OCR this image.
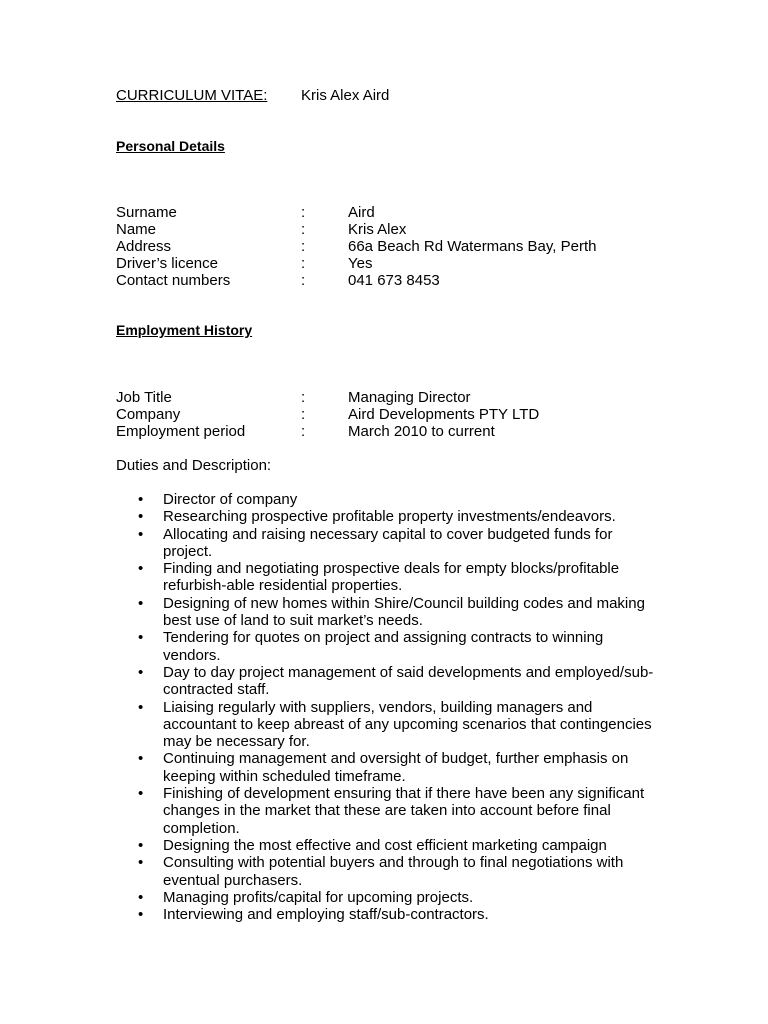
CURRICULUM VITAE: Kris Alex Aird
Personal Details
Surname	:	Aird
Name	:	Kris Alex
Address	:	66a Beach Rd Watermans Bay, Perth
Driver’s licence	:	Yes
Contact numbers	:	041 673 8453
Employment History
Job Title	:	Managing Director
Company	:	Aird Developments PTY LTD
Employment period	:	March 2010 to current
Duties and Description:
• Director of company
• Researching prospective profitable property investments/endeavors.
• Allocating and raising necessary capital to cover budgeted funds for project.
• Finding and negotiating prospective deals for empty blocks/profitable refurbish-able residential properties.
• Designing of new homes within Shire/Council building codes and making best use of land to suit market’s needs.
• Tendering for quotes on project and assigning contracts to winning vendors.
• Day to day project management of said developments and employed/sub-contracted staff.
• Liaising regularly with suppliers, vendors, building managers and accountant to keep abreast of any upcoming scenarios that contingencies may be necessary for.
• Continuing management and oversight of budget, further emphasis on keeping within scheduled timeframe.
• Finishing of development ensuring that if there have been any significant changes in the market that these are taken into account before final completion.
• Designing the most effective and cost efficient marketing campaign
• Consulting with potential buyers and through to final negotiations with eventual purchasers.
• Managing profits/capital for upcoming projects.
• Interviewing and employing staff/sub-contractors.
